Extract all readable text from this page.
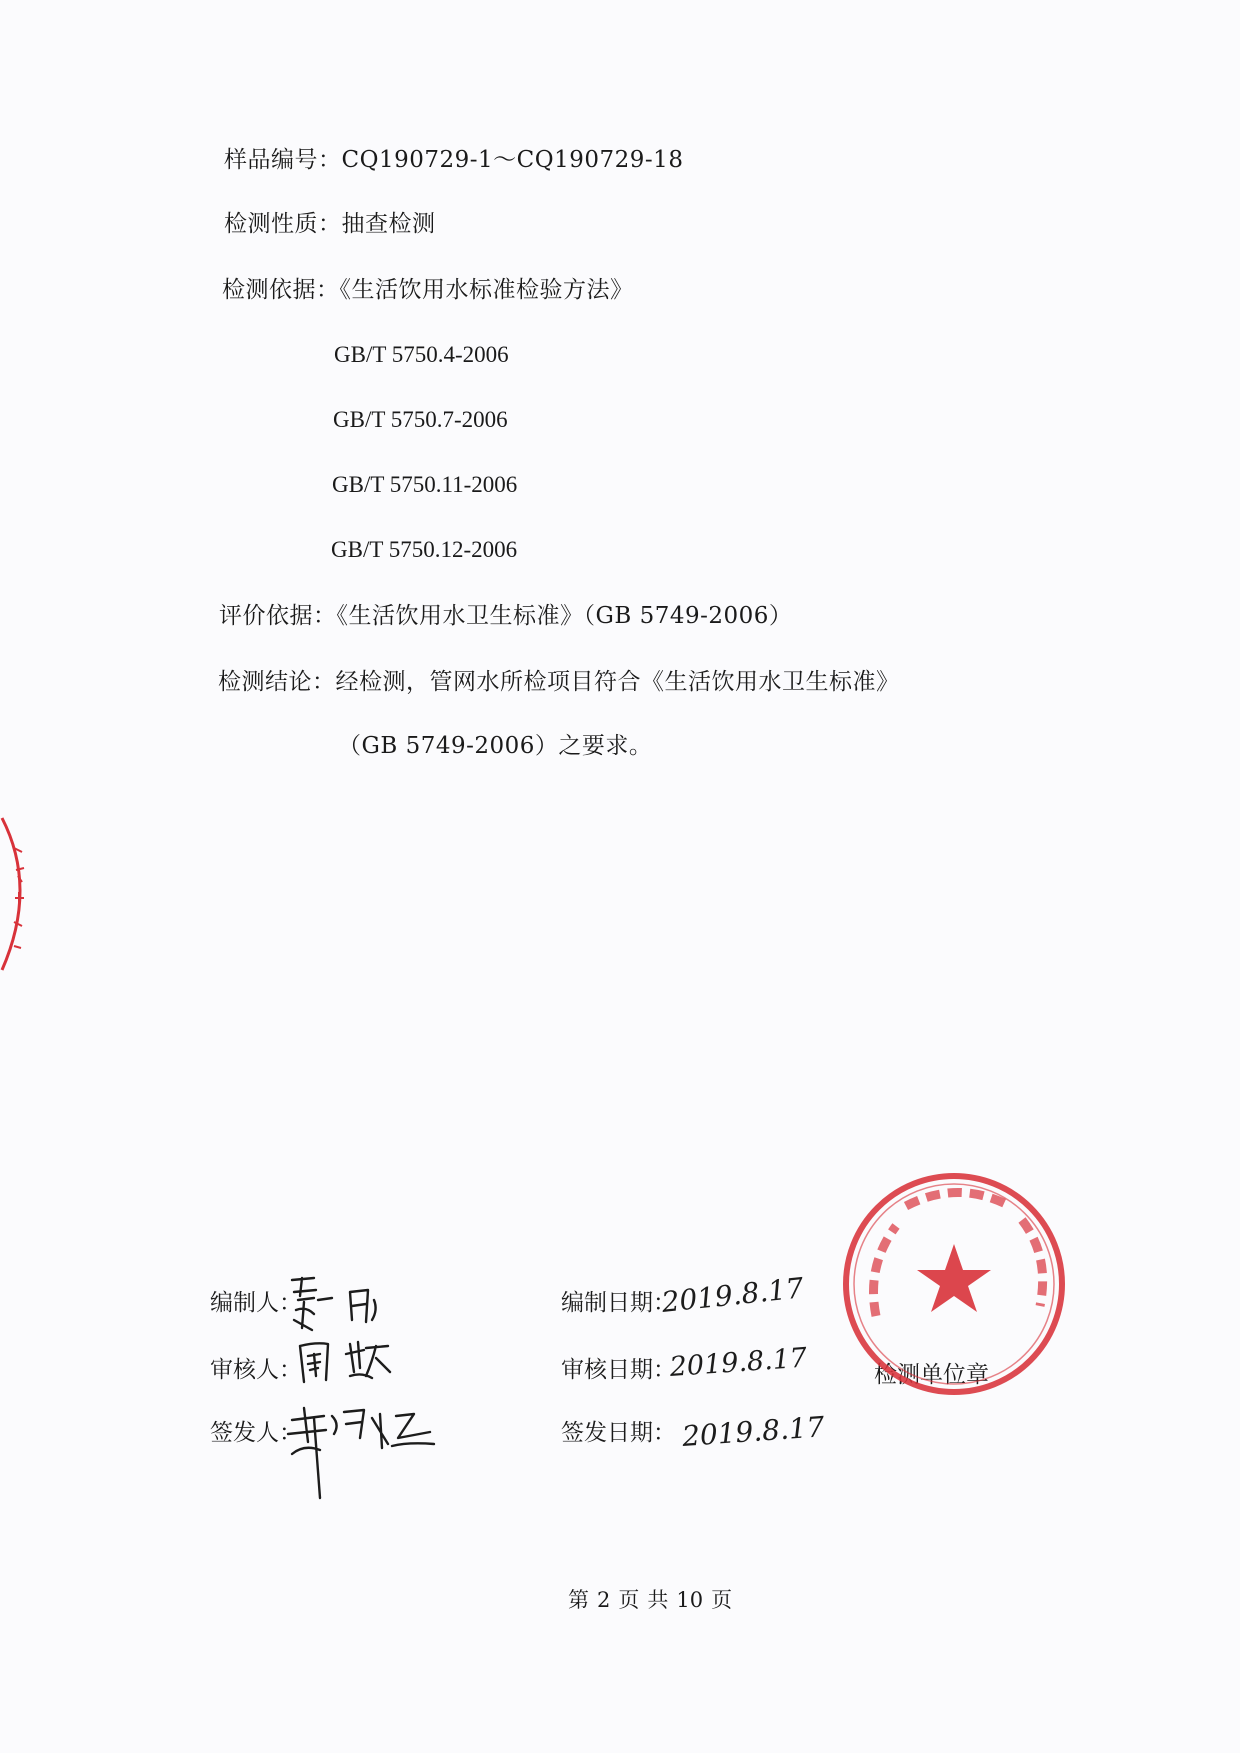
样品编号：CQ190729-1～CQ190729-18
检测性质：抽查检测
检测依据：《生活饮用水标准检验方法》
GB/T 5750.4-2006
GB/T 5750.7-2006
GB/T 5750.11-2006
GB/T 5750.12-2006
评价依据：《生活饮用水卫生标准》（GB 5749-2006）
检测结论：经检测，管网水所检项目符合《生活饮用水卫生标准》
（GB 5749-2006）之要求。
编制人：
审核人：
签发人：
编制日期：
审核日期：
签发日期：
检测单位章
2019.8.17
2019.8.17
2019.8.17
第 2 页 共 10 页
